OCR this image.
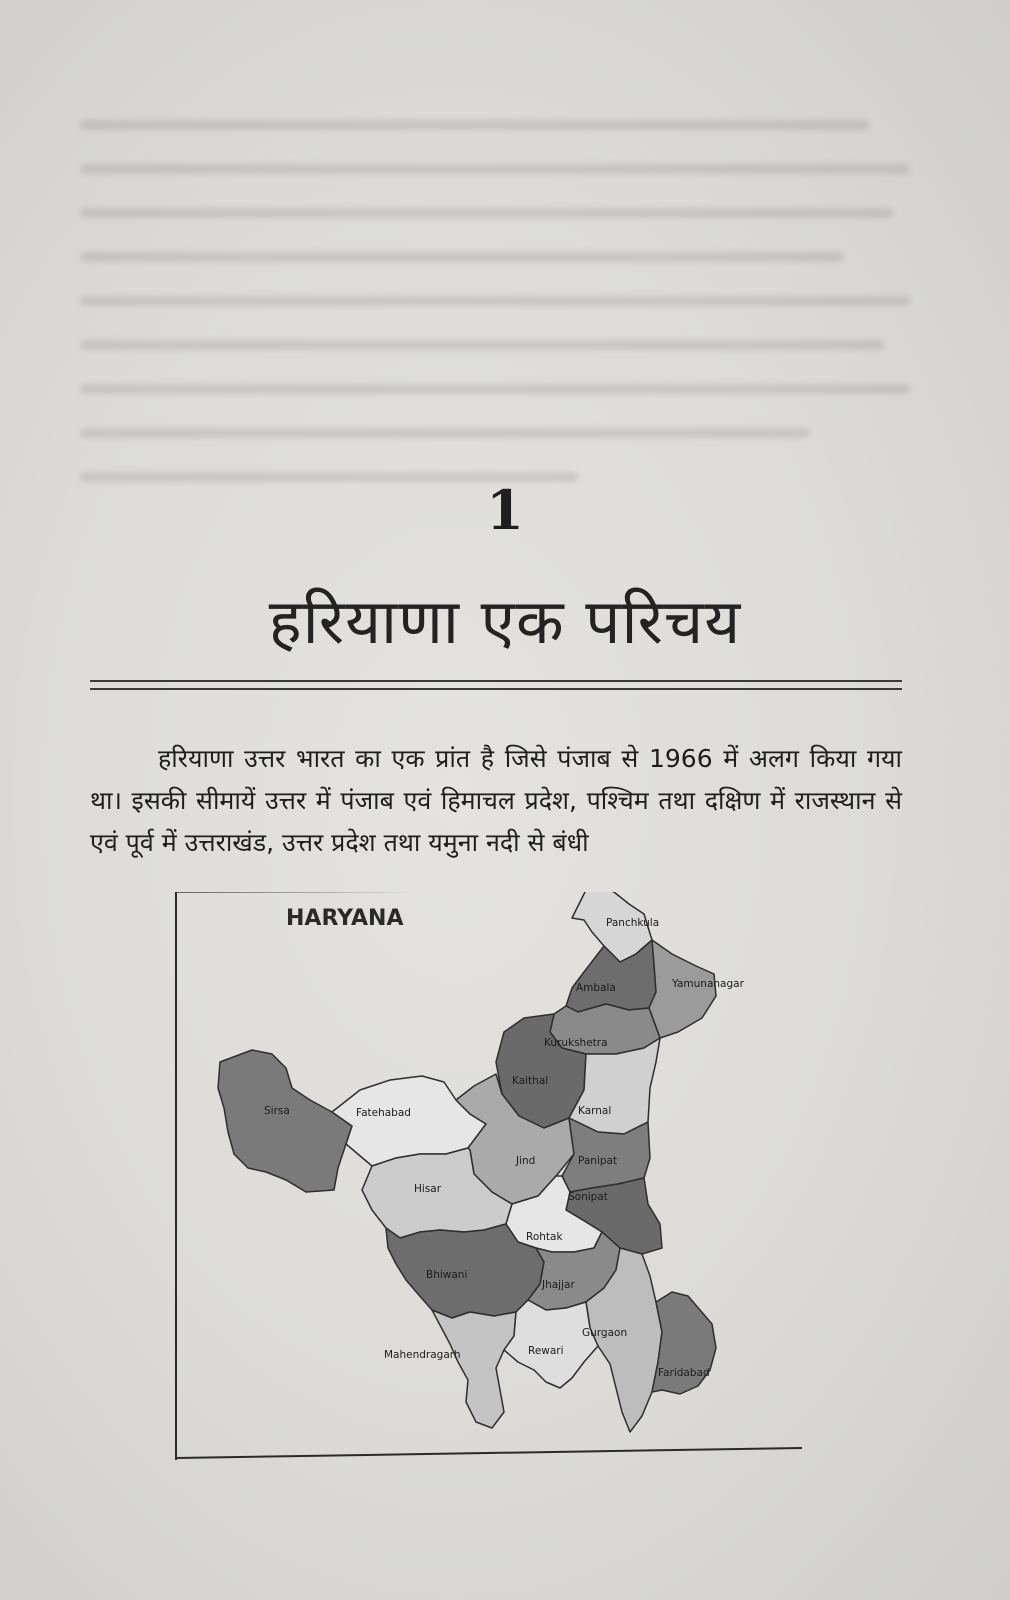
1
हरियाणा एक परिचय

हरियाणा उत्तर भारत का एक प्रांत है जिसे पंजाब से 1966 में अलग किया गया था। इसकी सीमायें उत्तर में पंजाब एवं हिमाचल प्रदेश, पश्चिम तथा दक्षिण में राजस्थान से एवं पूर्व में उत्तराखंड, उत्तर प्रदेश तथा यमुना नदी से बंधी

HARYANA	Panchkula
Ambala	Yamunanagar
Kurukshetra
Kaithal
Karnal
Sirsa	Fatehabad
Jind	Panipat
Sonipat
Hisar
Rohtak
Bhiwani
Jhajjar
Gurgaon
Faridabad
Mahendragarh	Rewari
